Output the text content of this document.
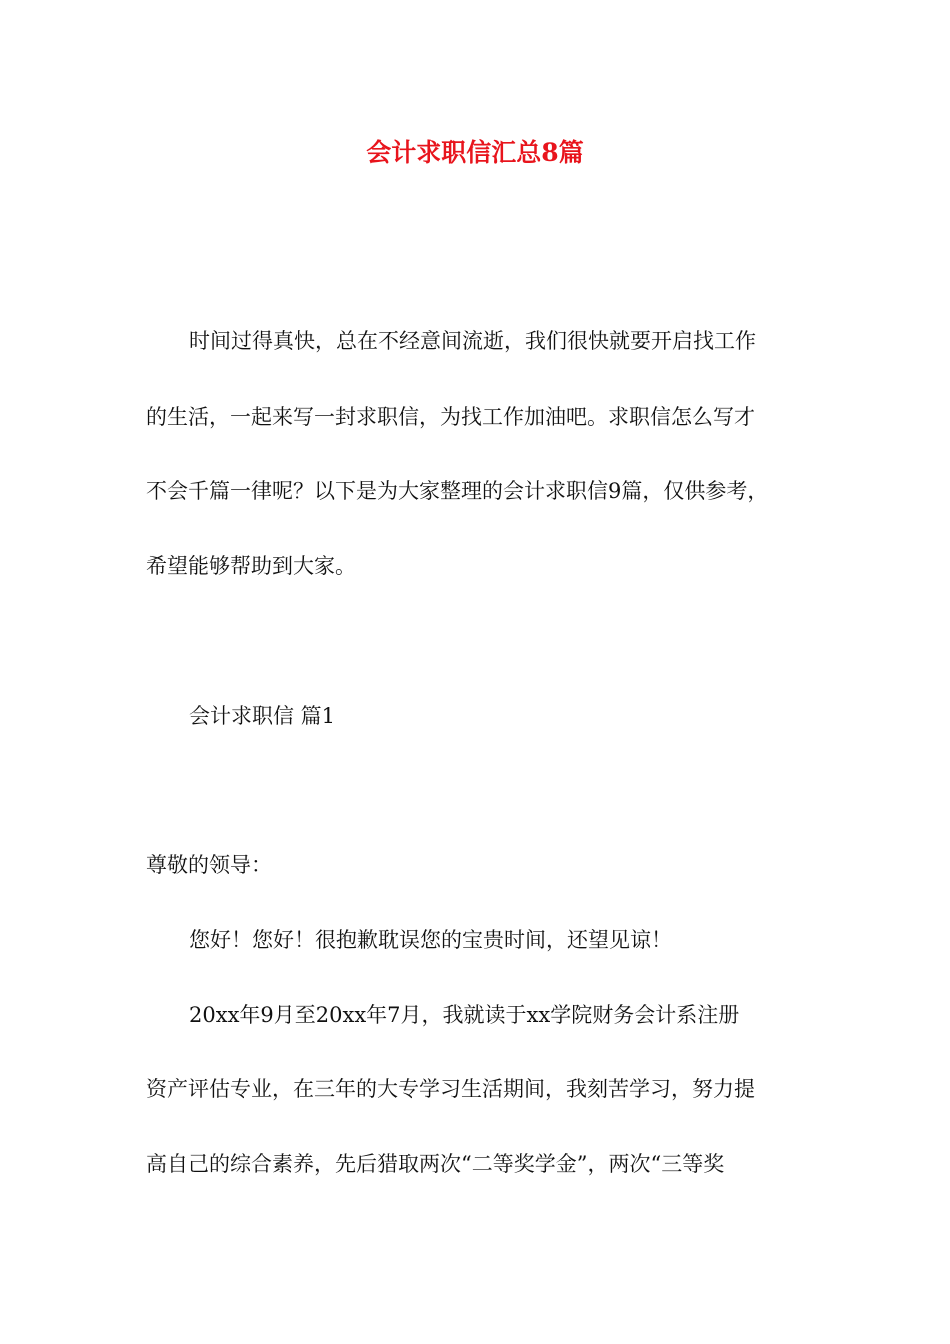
会计求职信汇总8篇
时间过得真快，总在不经意间流逝，我们很快就要开启找工作
的生活，一起来写一封求职信，为找工作加油吧。求职信怎么写才
不会千篇一律呢？以下是为大家整理的会计求职信9篇，仅供参考，
希望能够帮助到大家。
会计求职信 篇1
尊敬的领导：
您好！您好！很抱歉耽误您的宝贵时间，还望见谅！
20xx年9月至20xx年7月，我就读于xx学院财务会计系注册
资产评估专业，在三年的大专学习生活期间，我刻苦学习，努力提
高自己的综合素养，先后猎取两次“二等奖学金”，两次“三等奖
